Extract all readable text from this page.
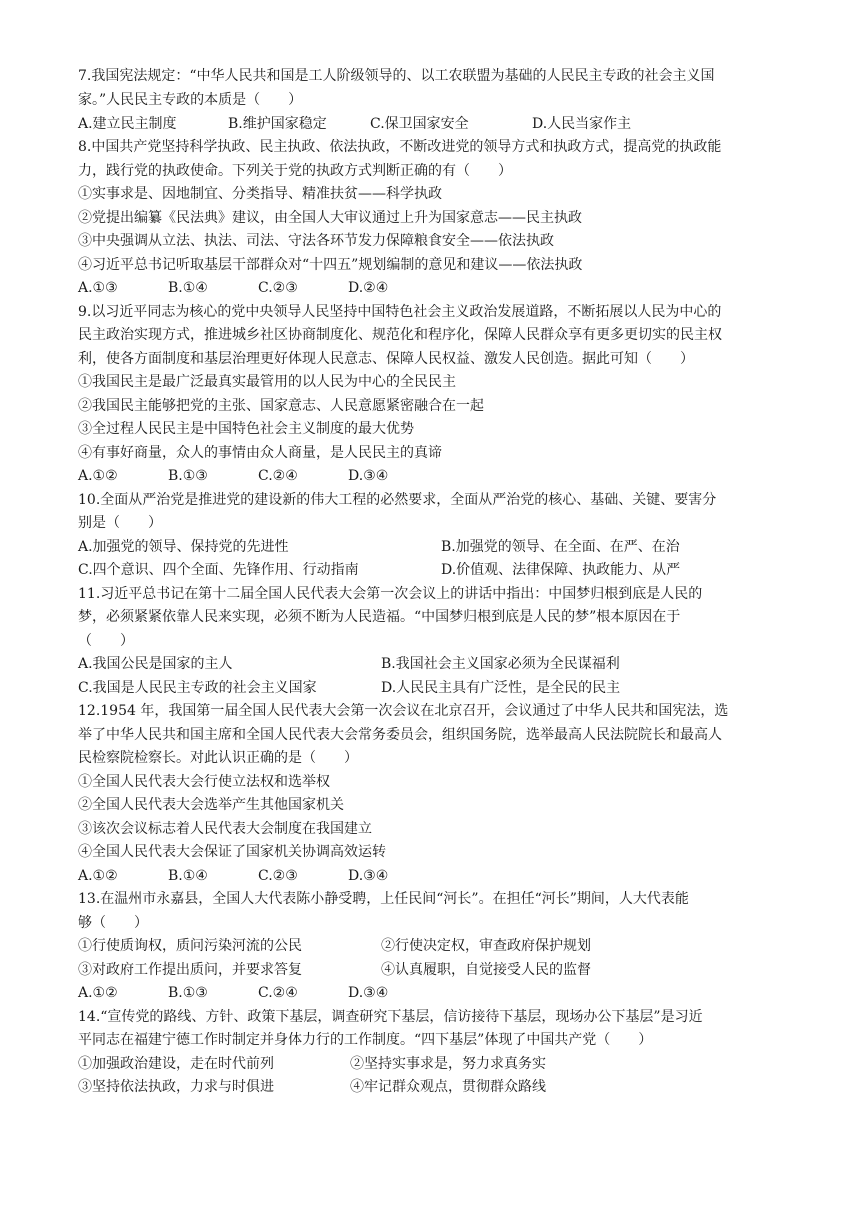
7.我国宪法规定：“中华人民共和国是工人阶级领导的、以工农联盟为基础的人民民主专政的社会主义国
家。”人民民主专政的本质是（　　）
A.建立民主制度	B.维护国家稳定	C.保卫国家安全	D.人民当家作主
8.中国共产党坚持科学执政、民主执政、依法执政，不断改进党的领导方式和执政方式，提高党的执政能
力，践行党的执政使命。下列关于党的执政方式判断正确的有（　　）
①实事求是、因地制宜、分类指导、精准扶贫——科学执政
②党提出编纂《民法典》建议，由全国人大审议通过上升为国家意志——民主执政
③中央强调从立法、执法、司法、守法各环节发力保障粮食安全——依法执政
④习近平总书记听取基层干部群众对“十四五”规划编制的意见和建议——依法执政
A.①③	B.①④	C.②③	D.②④
9.以习近平同志为核心的党中央领导人民坚持中国特色社会主义政治发展道路，不断拓展以人民为中心的
民主政治实现方式，推进城乡社区协商制度化、规范化和程序化，保障人民群众享有更多更切实的民主权
利，使各方面制度和基层治理更好体现人民意志、保障人民权益、激发人民创造。据此可知（　　）
①我国民主是最广泛最真实最管用的以人民为中心的全民民主
②我国民主能够把党的主张、国家意志、人民意愿紧密融合在一起
③全过程人民民主是中国特色社会主义制度的最大优势
④有事好商量，众人的事情由众人商量，是人民民主的真谛
A.①②	B.①③	C.②④	D.③④
10.全面从严治党是推进党的建设新的伟大工程的必然要求，全面从严治党的核心、基础、关键、要害分
别是（　　）
A.加强党的领导、保持党的先进性	B.加强党的领导、在全面、在严、在治
C.四个意识、四个全面、先锋作用、行动指南	D.价值观、法律保障、执政能力、从严
11.习近平总书记在第十二届全国人民代表大会第一次会议上的讲话中指出：中国梦归根到底是人民的
梦，必须紧紧依靠人民来实现，必须不断为人民造福。“中国梦归根到底是人民的梦”根本原因在于
（　　）
A.我国公民是国家的主人	B.我国社会主义国家必须为全民谋福利
C.我国是人民民主专政的社会主义国家	D.人民民主具有广泛性，是全民的民主
12.1954 年，我国第一届全国人民代表大会第一次会议在北京召开，会议通过了中华人民共和国宪法，选
举了中华人民共和国主席和全国人民代表大会常务委员会，组织国务院，选举最高人民法院院长和最高人
民检察院检察长。对此认识正确的是（　　）
①全国人民代表大会行使立法权和选举权
②全国人民代表大会选举产生其他国家机关
③该次会议标志着人民代表大会制度在我国建立
④全国人民代表大会保证了国家机关协调高效运转
A.①②	B.①④	C.②③	D.③④
13.在温州市永嘉县，全国人大代表陈小静受聘，上任民间“河长”。在担任“河长”期间，人大代表能
够（　　）
①行使质询权，质问污染河流的公民	②行使决定权，审查政府保护规划
③对政府工作提出质问，并要求答复	④认真履职，自觉接受人民的监督
A.①②	B.①③	C.②④	D.③④
14.“宣传党的路线、方针、政策下基层，调查研究下基层，信访接待下基层，现场办公下基层”是习近
平同志在福建宁德工作时制定并身体力行的工作制度。“四下基层”体现了中国共产党（　　）
①加强政治建设，走在时代前列	②坚持实事求是，努力求真务实
③坚持依法执政，力求与时俱进	④牢记群众观点，贯彻群众路线
